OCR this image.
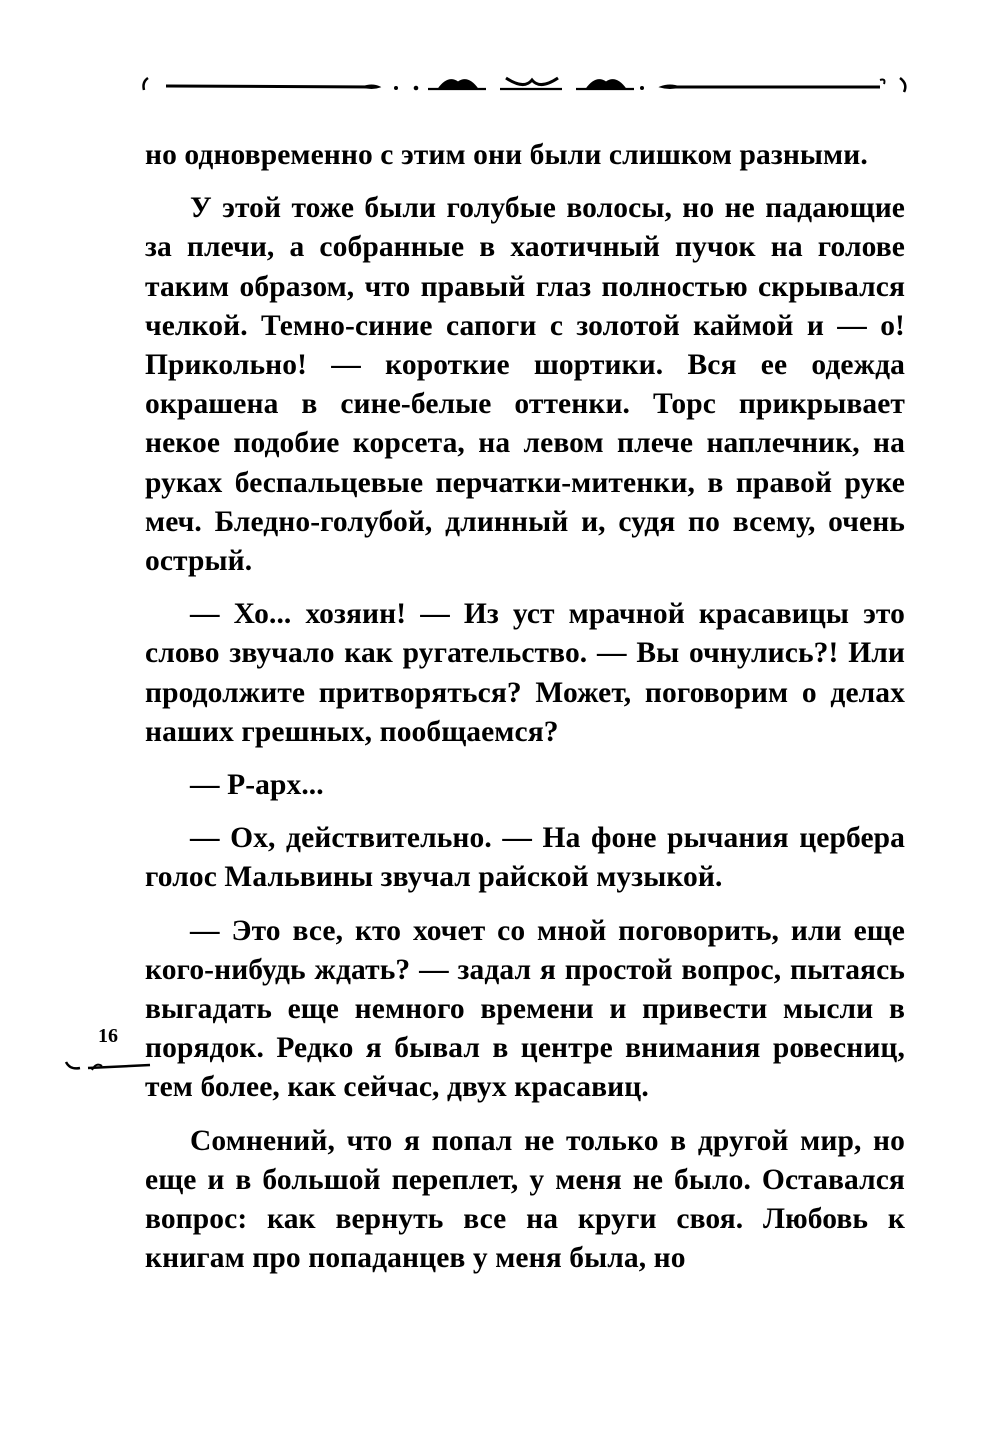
но одновременно с этим они были слишком разными.

У этой тоже были голубые волосы, но не падающие за плечи, а собранные в хаотичный пучок на голове таким образом, что правый глаз полностью скрывался челкой. Темно-синие сапоги с золотой каймой и — о! Прикольно! — короткие шортики. Вся ее одежда окрашена в сине-белые оттенки. Торс прикрывает некое подобие корсета, на левом плече наплечник, на руках беспальцевые перчатки-митенки, в правой руке меч. Бледно-голубой, длинный и, судя по всему, очень острый.

— Хо... хозяин! — Из уст мрачной красавицы это слово звучало как ругательство. — Вы очнулись?! Или продолжите притворяться? Может, поговорим о делах наших грешных, пообщаемся?

— Р-арх...

— Ох, действительно. — На фоне рычания цербера голос Мальвины звучал райской музыкой.

— Это все, кто хочет со мной поговорить, или еще кого-нибудь ждать? — задал я простой вопрос, пытаясь выгадать еще немного времени и привести мысли в порядок. Редко я бывал в центре внимания ровесниц, тем более, как сейчас, двух красавиц.

Сомнений, что я попал не только в другой мир, но еще и в большой переплет, у меня не было. Оставался вопрос: как вернуть все на круги своя. Любовь к книгам про попаданцев у меня была, но

16
